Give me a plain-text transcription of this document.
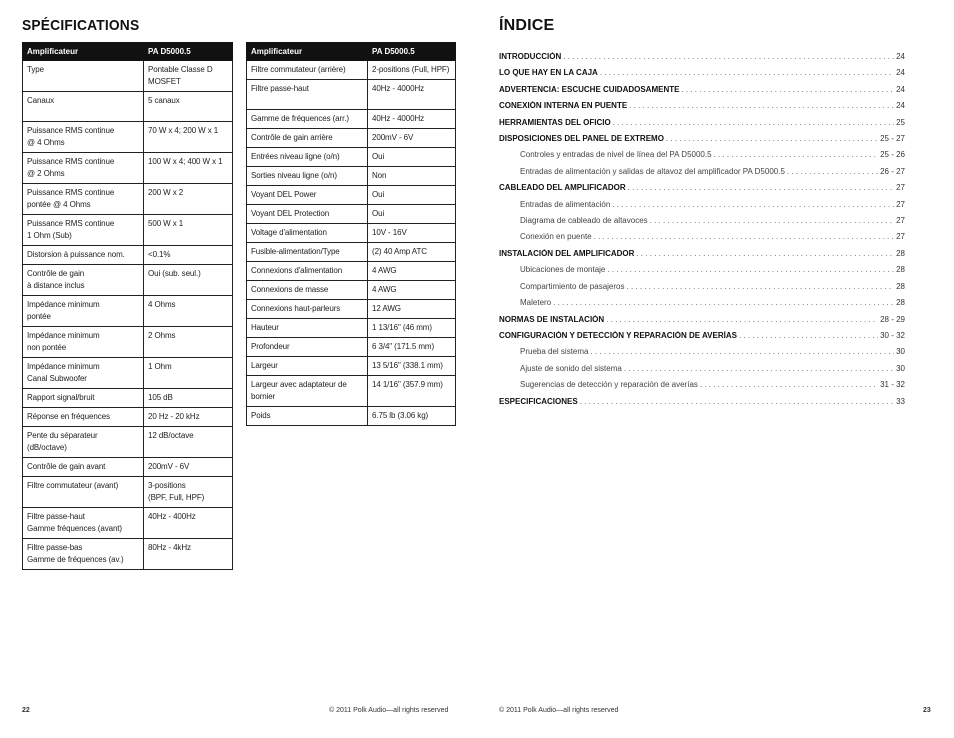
SPÉCIFICATIONS
Amplificateur	PA D5000.5
Type	Pontable Classe D
MOSFET
Canaux	5 canaux
Puissance RMS continue
@ 4 Ohms	70 W x 4; 200 W x 1
Puissance RMS continue
@ 2 Ohms	100 W x 4; 400 W x 1
Puissance RMS continue
pontée @ 4 Ohms	200 W x 2
Puissance RMS continue
1 Ohm (Sub)	500 W x 1
Distorsion à puissance nom.	<0.1%
Contrôle de gain
à distance inclus	Oui (sub. seul.)
Impédance minimum
pontée	4 Ohms
Impédance minimum
non pontée	2 Ohms
Impédance minimum
Canal Subwoofer	1 Ohm
Rapport signal/bruit	105 dB
Réponse en fréquences	20 Hz - 20 kHz
Pente du séparateur
(dB/octave)	12 dB/octave
Contrôle de gain avant	200mV - 6V
Filtre commutateur (avant)	3-positions
(BPF, Full, HPF)
Filtre passe-haut
Gamme fréquences (avant)	40Hz - 400Hz
Filtre passe-bas
Gamme de fréquences (av.)	80Hz - 4kHz
Amplificateur	PA D5000.5
Filtre commutateur (arrière)	2-positions (Full, HPF)
Filtre passe-haut	40Hz - 4000Hz
Gamme de fréquences (arr.)	40Hz - 4000Hz
Contrôle de gain arrière	200mV - 6V
Entrées niveau ligne (o/n)	Oui
Sorties niveau ligne (o/n)	Non
Voyant DEL Power	Oui
Voyant DEL Protection	Oui
Voltage d'alimentation	10V - 16V
Fusible-alimentation/Type	(2) 40 Amp ATC
Connexions d'alimentation	4 AWG
Connexions de masse	4 AWG
Connexions haut-parleurs	12 AWG
Hauteur	1 13/16" (46 mm)
Profondeur	6 3/4" (171.5 mm)
Largeur	13 5/16" (338.1 mm)
Largeur avec adaptateur de
bornier	14 1/16" (357.9 mm)
Poids	6.75 lb (3.06 kg)
22	© 2011 Polk Audio—all rights reserved
ÍNDICE
INTRODUCCIÓN . . .	24
LO QUE HAY EN LA CAJA . . .	24
ADVERTENCIA: ESCUCHE CUIDADOSAMENTE . . .	24
CONEXIÓN INTERNA EN PUENTE . . .	24
HERRAMIENTAS DEL OFICIO . . .	25
DISPOSICIONES DEL PANEL DE EXTREMO . . .	25 - 27
Controles y entradas de nivel de línea del PA D5000.5 . . .	25 - 26
Entradas de alimentación y salidas de altavoz del amplificador PA D5000.5 . . .	26 - 27
CABLEADO DEL AMPLIFICADOR . . .	27
Entradas de alimentación . . .	27
Diagrama de cableado de altavoces . . .	27
Conexión en puente . . .	27
INSTALACIÓN DEL AMPLIFICADOR . . .	28
Ubicaciones de montaje . . .	28
Compartimiento de pasajeros . . .	28
Maletero . . .	28
NORMAS DE INSTALACIÓN . . .	28 - 29
CONFIGURACIÓN Y DETECCIÓN Y REPARACIÓN DE AVERÍAS . . .	30 - 32
Prueba del sistema . . .	30
Ajuste de sonido del sistema . . .	30
Sugerencias de detección y reparación de averías . . .	31 - 32
ESPECIFICACIONES . . .	33
© 2011 Polk Audio—all rights reserved	23
